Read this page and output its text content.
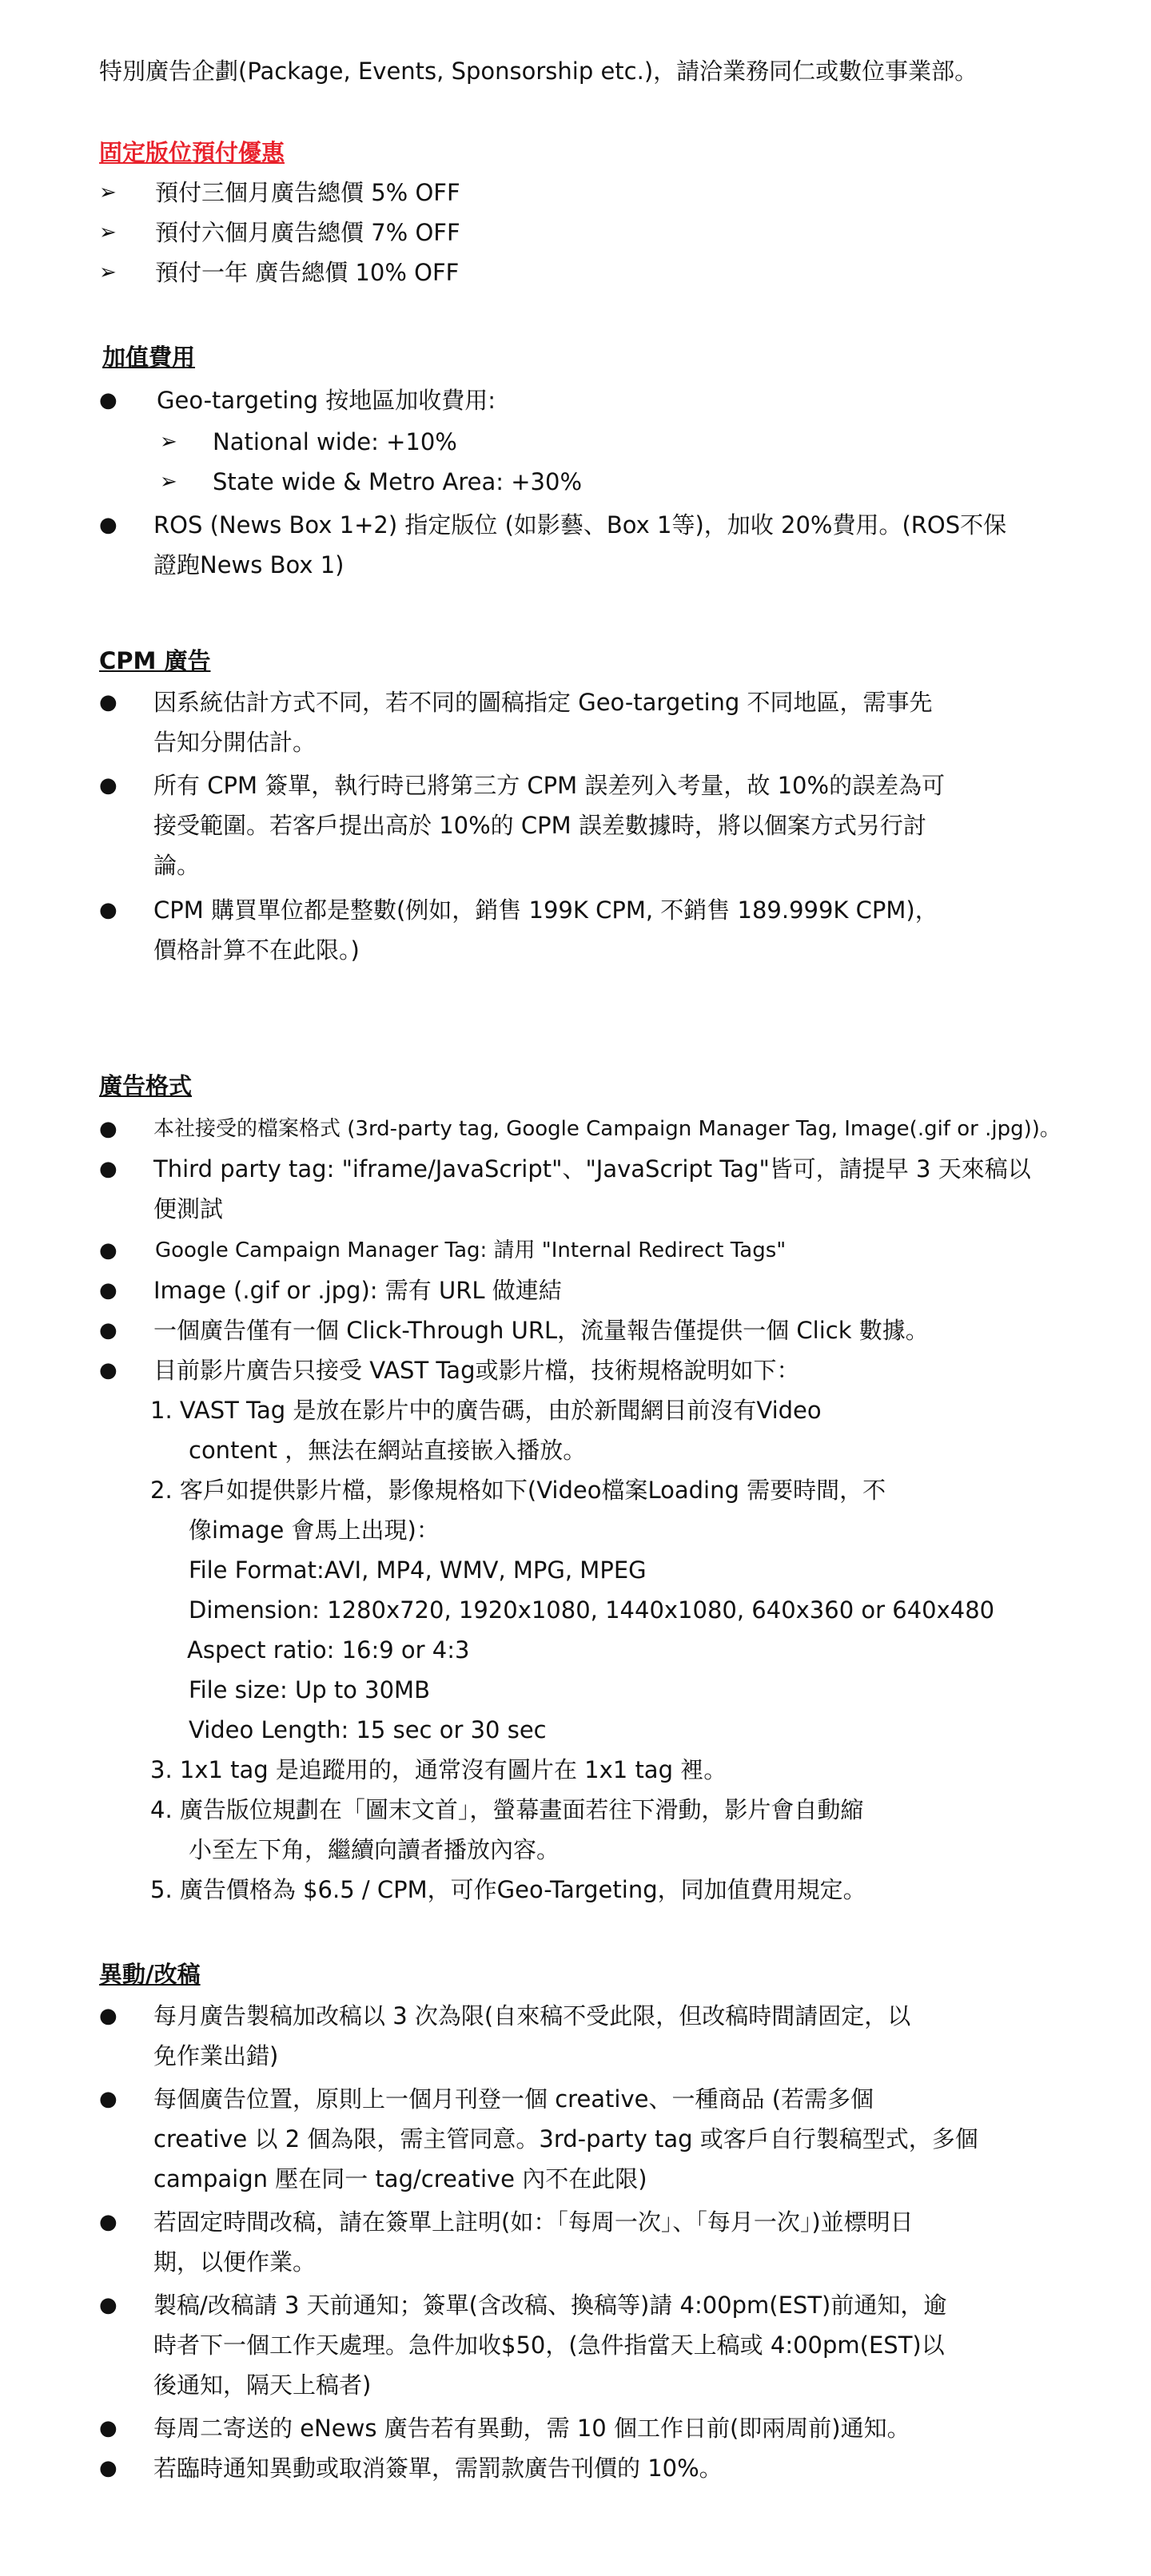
特別廣告企劃(Package, Events, Sponsorship etc.)，請洽業務同仁或數位事業部。
固定版位預付優惠
➢ 預付三個月廣告總價 5% OFF
➢ 預付六個月廣告總價 7% OFF
➢ 預付一年 廣告總價 10% OFF
加值費用
● Geo-targeting 按地區加收費用:
➢ National wide: +10%
➢ State wide & Metro Area: +30%
● ROS (News Box 1+2) 指定版位 (如影藝、Box 1等)，加收 20%費用。(ROS不保
證跑News Box 1)
CPM 廣告
● 因系統估計方式不同，若不同的圖稿指定 Geo-targeting 不同地區，需事先
告知分開估計。
● 所有 CPM 簽單，執行時已將第三方 CPM 誤差列入考量，故 10%的誤差為可
接受範圍。若客戶提出高於 10%的 CPM 誤差數據時，將以個案方式另行討
論。
● CPM 購買單位都是整數(例如，銷售 199K CPM, 不銷售 189.999K CPM)，
價格計算不在此限。)
廣告格式
● 本社接受的檔案格式 (3rd-party tag, Google Campaign Manager Tag, Image(.gif or .jpg))。
● Third party tag: "iframe/JavaScript"、"JavaScript Tag"皆可，請提早 3 天來稿以
便測試
● Google Campaign Manager Tag: 請用 "Internal Redirect Tags"
● Image (.gif or .jpg): 需有 URL 做連結
● 一個廣告僅有一個 Click-Through URL，流量報告僅提供一個 Click 數據。
● 目前影片廣告只接受 VAST Tag或影片檔，技術規格說明如下：
1. VAST Tag 是放在影片中的廣告碼，由於新聞網目前沒有Video
content ，無法在網站直接嵌入播放。
2. 客戶如提供影片檔，影像規格如下(Video檔案Loading 需要時間，不
像image 會馬上出現)：
File Format:AVI, MP4, WMV, MPG, MPEG
Dimension: 1280x720, 1920x1080, 1440x1080, 640x360 or 640x480
Aspect ratio: 16:9 or 4:3
File size: Up to 30MB
Video Length: 15 sec or 30 sec
3. 1x1 tag 是追蹤用的，通常沒有圖片在 1x1 tag 裡。
4. 廣告版位規劃在「圖末文首」，螢幕畫面若往下滑動，影片會自動縮
小至左下角，繼續向讀者播放內容。
5. 廣告價格為 $6.5 / CPM，可作Geo-Targeting，同加值費用規定。
異動/改稿
● 每月廣告製稿加改稿以 3 次為限(自來稿不受此限，但改稿時間請固定，以
免作業出錯)
● 每個廣告位置，原則上一個月刊登一個 creative、一種商品 (若需多個
creative 以 2 個為限，需主管同意。3rd-party tag 或客戶自行製稿型式，多個
campaign 壓在同一 tag/creative 內不在此限)
● 若固定時間改稿，請在簽單上註明(如：「每周一次」、「每月一次」)並標明日
期，以便作業。
● 製稿/改稿請 3 天前通知；簽單(含改稿、換稿等)請 4:00pm(EST)前通知，逾
時者下一個工作天處理。急件加收$50，(急件指當天上稿或 4:00pm(EST)以
後通知，隔天上稿者)
● 每周二寄送的 eNews 廣告若有異動，需 10 個工作日前(即兩周前)通知。
● 若臨時通知異動或取消簽單，需罰款廣告刊價的 10%。
